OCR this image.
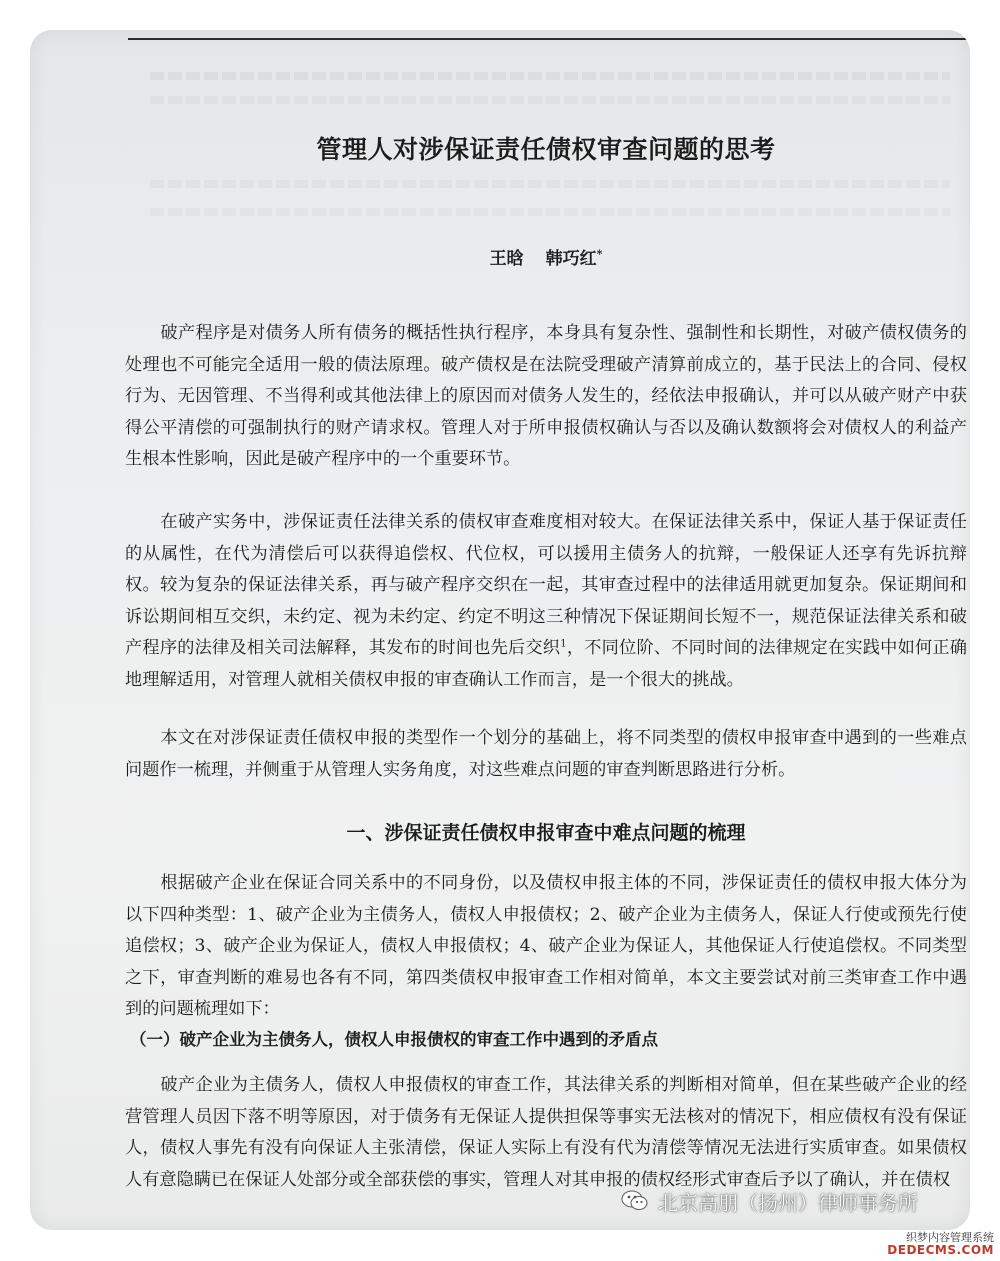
管理人对涉保证责任债权审查问题的思考
王晗 韩巧红*

破产程序是对债务人所有债务的概括性执行程序，本身具有复杂性、强制性和长期性，对破产债权债务的处理也不可能完全适用一般的债法原理。破产债权是在法院受理破产清算前成立的，基于民法上的合同、侵权行为、无因管理、不当得利或其他法律上的原因而对债务人发生的，经依法申报确认，并可以从破产财产中获得公平清偿的可强制执行的财产请求权。管理人对于所申报债权确认与否以及确认数额将会对债权人的利益产生根本性影响，因此是破产程序中的一个重要环节。

在破产实务中，涉保证责任法律关系的债权审查难度相对较大。在保证法律关系中，保证人基于保证责任的从属性，在代为清偿后可以获得追偿权、代位权，可以援用主债务人的抗辩，一般保证人还享有先诉抗辩权。较为复杂的保证法律关系，再与破产程序交织在一起，其审查过程中的法律适用就更加复杂。保证期间和诉讼期间相互交织，未约定、视为未约定、约定不明这三种情况下保证期间长短不一，规范保证法律关系和破产程序的法律及相关司法解释，其发布的时间也先后交织$^1$，不同位阶、不同时间的法律规定在实践中如何正确地理解适用，对管理人就相关债权申报的审查确认工作而言，是一个很大的挑战。

本文在对涉保证责任债权申报的类型作一个划分的基础上，将不同类型的债权申报审查中遇到的一些难点问题作一梳理，并侧重于从管理人实务角度，对这些难点问题的审查判断思路进行分析。

一、涉保证责任债权申报审查中难点问题的梳理

根据破产企业在保证合同关系中的不同身份，以及债权申报主体的不同，涉保证责任的债权申报大体分为以下四种类型：1、破产企业为主债务人，债权人申报债权；2、破产企业为主债务人，保证人行使或预先行使追偿权；3、破产企业为保证人，债权人申报债权；4、破产企业为保证人，其他保证人行使追偿权。不同类型之下，审查判断的难易也各有不同，第四类债权申报审查工作相对简单，本文主要尝试对前三类审查工作中遇到的问题梳理如下：

（一）破产企业为主债务人，债权人申报债权的审查工作中遇到的矛盾点

破产企业为主债务人，债权人申报债权的审查工作，其法律关系的判断相对简单，但在某些破产企业的经营管理人员因下落不明等原因，对于债务有无保证人提供担保等事实无法核对的情况下，相应债权有没有保证人，债权人事先有没有向保证人主张清偿，保证人实际上有没有代为清偿等情况无法进行实质审查。如果债权人有意隐瞒已在保证人处部分或全部获偿的事实，管理人对其申报的债权经形式审查后予以了确认，并在债权

北京高朋（扬州）律师事务所
织梦内容管理系统
DEDECMS.COM
